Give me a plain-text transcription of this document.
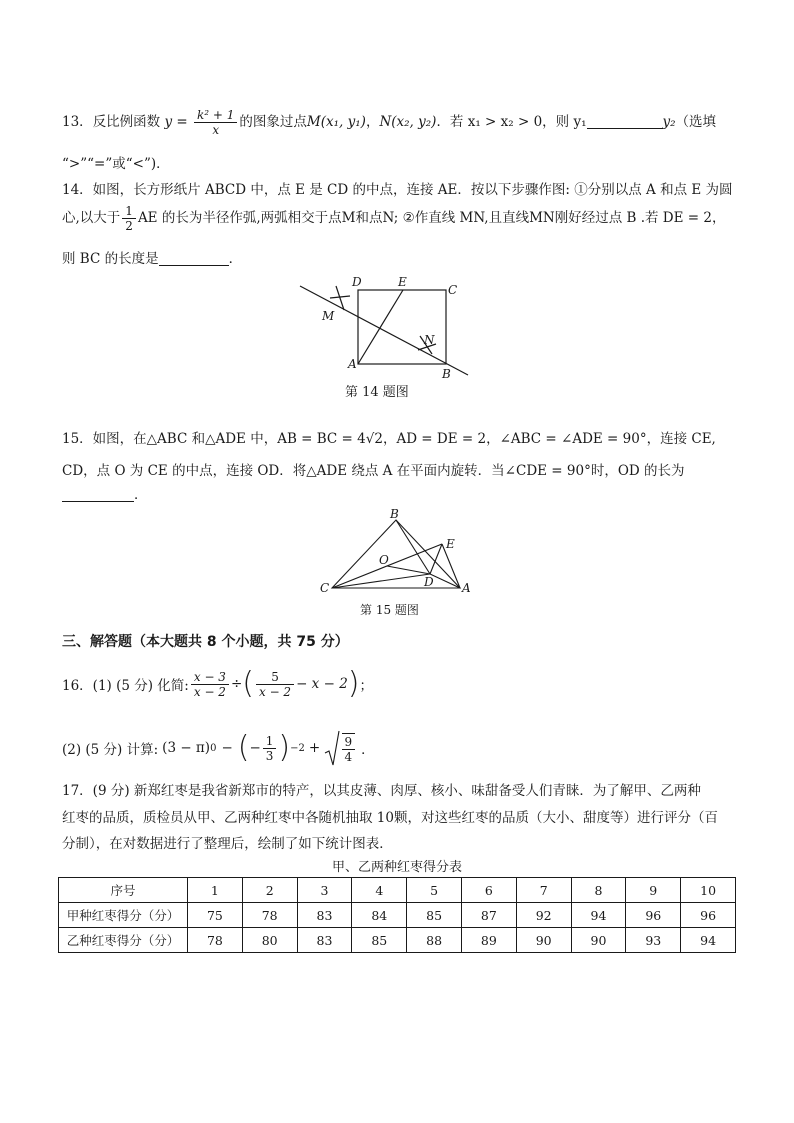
13．反比例函数 $y = \frac{\text{k² + 1}}{x}$ 的图象过点M(x₁, y₁)，N(x₂, y₂)．若 x₁ > x₂ > 0，则 y₁	y₂（选填
“>”“=”或“<”)．
14．如图，长方形纸片 ABCD 中，点 E 是 CD 的中点，连接 AE．按以下步骤作图: ①分别以点 A 和点 E 为圆
心,以大于 $\frac{1}{2}$ AE 的长为半径作弧,两弧相交于点M和点N; ②作直线 MN,且直线MN刚好经过点 B .若 DE = 2，
则 BC 的长度是	．
D	E
C
M
N
A
B
第 14 题图
15．如图，在△ABC 和△ADE 中，AB = BC = 4√2，AD = DE = 2，∠ABC = ∠ADE = 90°，连接 CE,
CD，点 O 为 CE 的中点，连接 OD．将△ADE 绕点 A 在平面内旋转．当∠CDE = 90°时，OD 的长为
．
B
E
O
C	D A
第 15 题图
三、解答题（本大题共 8 个小题，共 75 分）
16．(1) (5 分) 化简: $\frac{x - 3}{x - 2}$ ÷ ( $\frac{5}{x - 2} - x - 2$ ) ；
(2) (5 分) 计算: (3 − π) 0 − ( − $\frac{1}{3}$ ) −2 +
$\frac{9}{4}$ ．
17．(9 分) 新郑红枣是我省新郑市的特产，以其皮薄、肉厚、核小、味甜备受人们青睐．为了解甲、乙两种
红枣的品质，质检员从甲、乙两种红枣中各随机抽取 10颗，对这些红枣的品质（大小、甜度等）进行评分（百
分制），在对数据进行了整理后，绘制了如下统计图表．
甲、乙两种红枣得分表
序号	1	2	3	4	5	6	7	8	9	10
甲种红枣得分（分）	75	78	83	84	85	87	92	94	96	96
乙种红枣得分（分）	78	80	83	85	88	89	90	90	93	94
